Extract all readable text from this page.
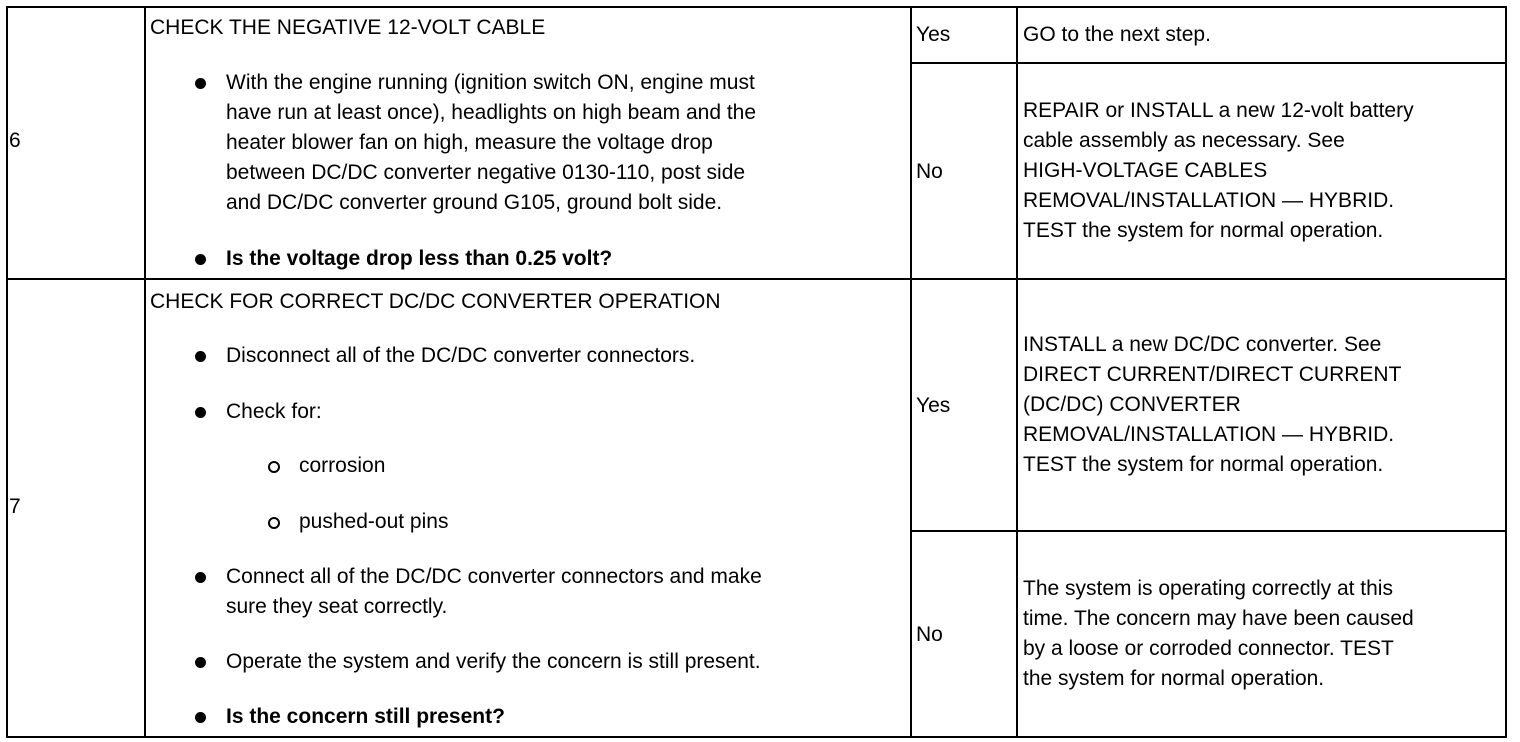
6
CHECK THE NEGATIVE 12-VOLT CABLE
With the engine running (ignition switch ON, engine must
have run at least once), headlights on high beam and the
heater blower fan on high, measure the voltage drop
between DC/DC converter negative 0130-110, post side
and DC/DC converter ground G105, ground bolt side.
Is the voltage drop less than 0.25 volt?
Yes	GO to the next step.
No
REPAIR or INSTALL a new 12-volt battery
cable assembly as necessary. See
HIGH-VOLTAGE CABLES
REMOVAL/INSTALLATION — HYBRID.
TEST the system for normal operation.
7
CHECK FOR CORRECT DC/DC CONVERTER OPERATION
Disconnect all of the DC/DC converter connectors.
Check for:
corrosion
pushed-out pins
Connect all of the DC/DC converter connectors and make
sure they seat correctly.
Operate the system and verify the concern is still present.
Is the concern still present?
Yes
INSTALL a new DC/DC converter. See
DIRECT CURRENT/DIRECT CURRENT
(DC/DC) CONVERTER
REMOVAL/INSTALLATION — HYBRID.
TEST the system for normal operation.
No
The system is operating correctly at this
time. The concern may have been caused
by a loose or corroded connector. TEST
the system for normal operation.
